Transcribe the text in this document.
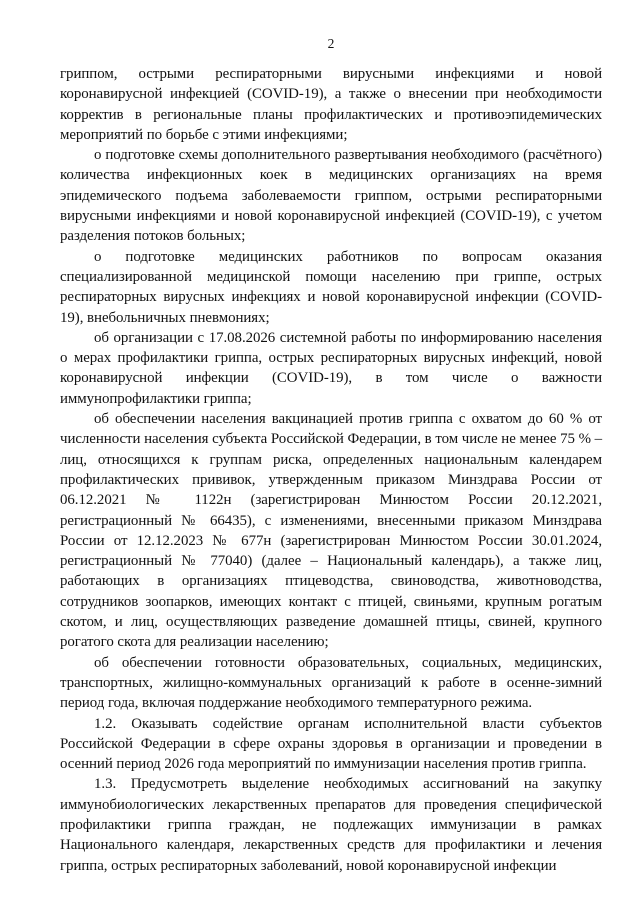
2

гриппом, острыми респираторными вирусными инфекциями и новой коронавирусной инфекцией (COVID-19), а также о внесении при необходимости корректив в региональные планы профилактических и противоэпидемических мероприятий по борьбе с этими инфекциями;

о подготовке схемы дополнительного развертывания необходимого (расчётного) количества инфекционных коек в медицинских организациях на время эпидемического подъема заболеваемости гриппом, острыми респираторными вирусными инфекциями и новой коронавирусной инфекцией (COVID-19), с учетом разделения потоков больных;

о подготовке медицинских работников по вопросам оказания специализированной медицинской помощи населению при гриппе, острых респираторных вирусных инфекциях и новой коронавирусной инфекции (COVID-19), внебольничных пневмониях;

об организации с 17.08.2026 системной работы по информированию населения о мерах профилактики гриппа, острых респираторных вирусных инфекций, новой коронавирусной инфекции (COVID-19), в том числе о важности иммунопрофилактики гриппа;

об обеспечении населения вакцинацией против гриппа с охватом до 60 % от численности населения субъекта Российской Федерации, в том числе не менее 75 % – лиц, относящихся к группам риска, определенных национальным календарем профилактических прививок, утвержденным приказом Минздрава России от 06.12.2021 № 1122н (зарегистрирован Минюстом России 20.12.2021, регистрационный № 66435), с изменениями, внесенными приказом Минздрава России от 12.12.2023 № 677н (зарегистрирован Минюстом России 30.01.2024, регистрационный № 77040) (далее – Национальный календарь), а также лиц, работающих в организациях птицеводства, свиноводства, животноводства, сотрудников зоопарков, имеющих контакт с птицей, свиньями, крупным рогатым скотом, и лиц, осуществляющих разведение домашней птицы, свиней, крупного рогатого скота для реализации населению;

об обеспечении готовности образовательных, социальных, медицинских, транспортных, жилищно-коммунальных организаций к работе в осенне-зимний период года, включая поддержание необходимого температурного режима.

1.2. Оказывать содействие органам исполнительной власти субъектов Российской Федерации в сфере охраны здоровья в организации и проведении в осенний период 2026 года мероприятий по иммунизации населения против гриппа.

1.3. Предусмотреть выделение необходимых ассигнований на закупку иммунобиологических лекарственных препаратов для проведения специфической профилактики гриппа граждан, не подлежащих иммунизации в рамках Национального календаря, лекарственных средств для профилактики и лечения гриппа, острых респираторных заболеваний, новой коронавирусной инфекции
